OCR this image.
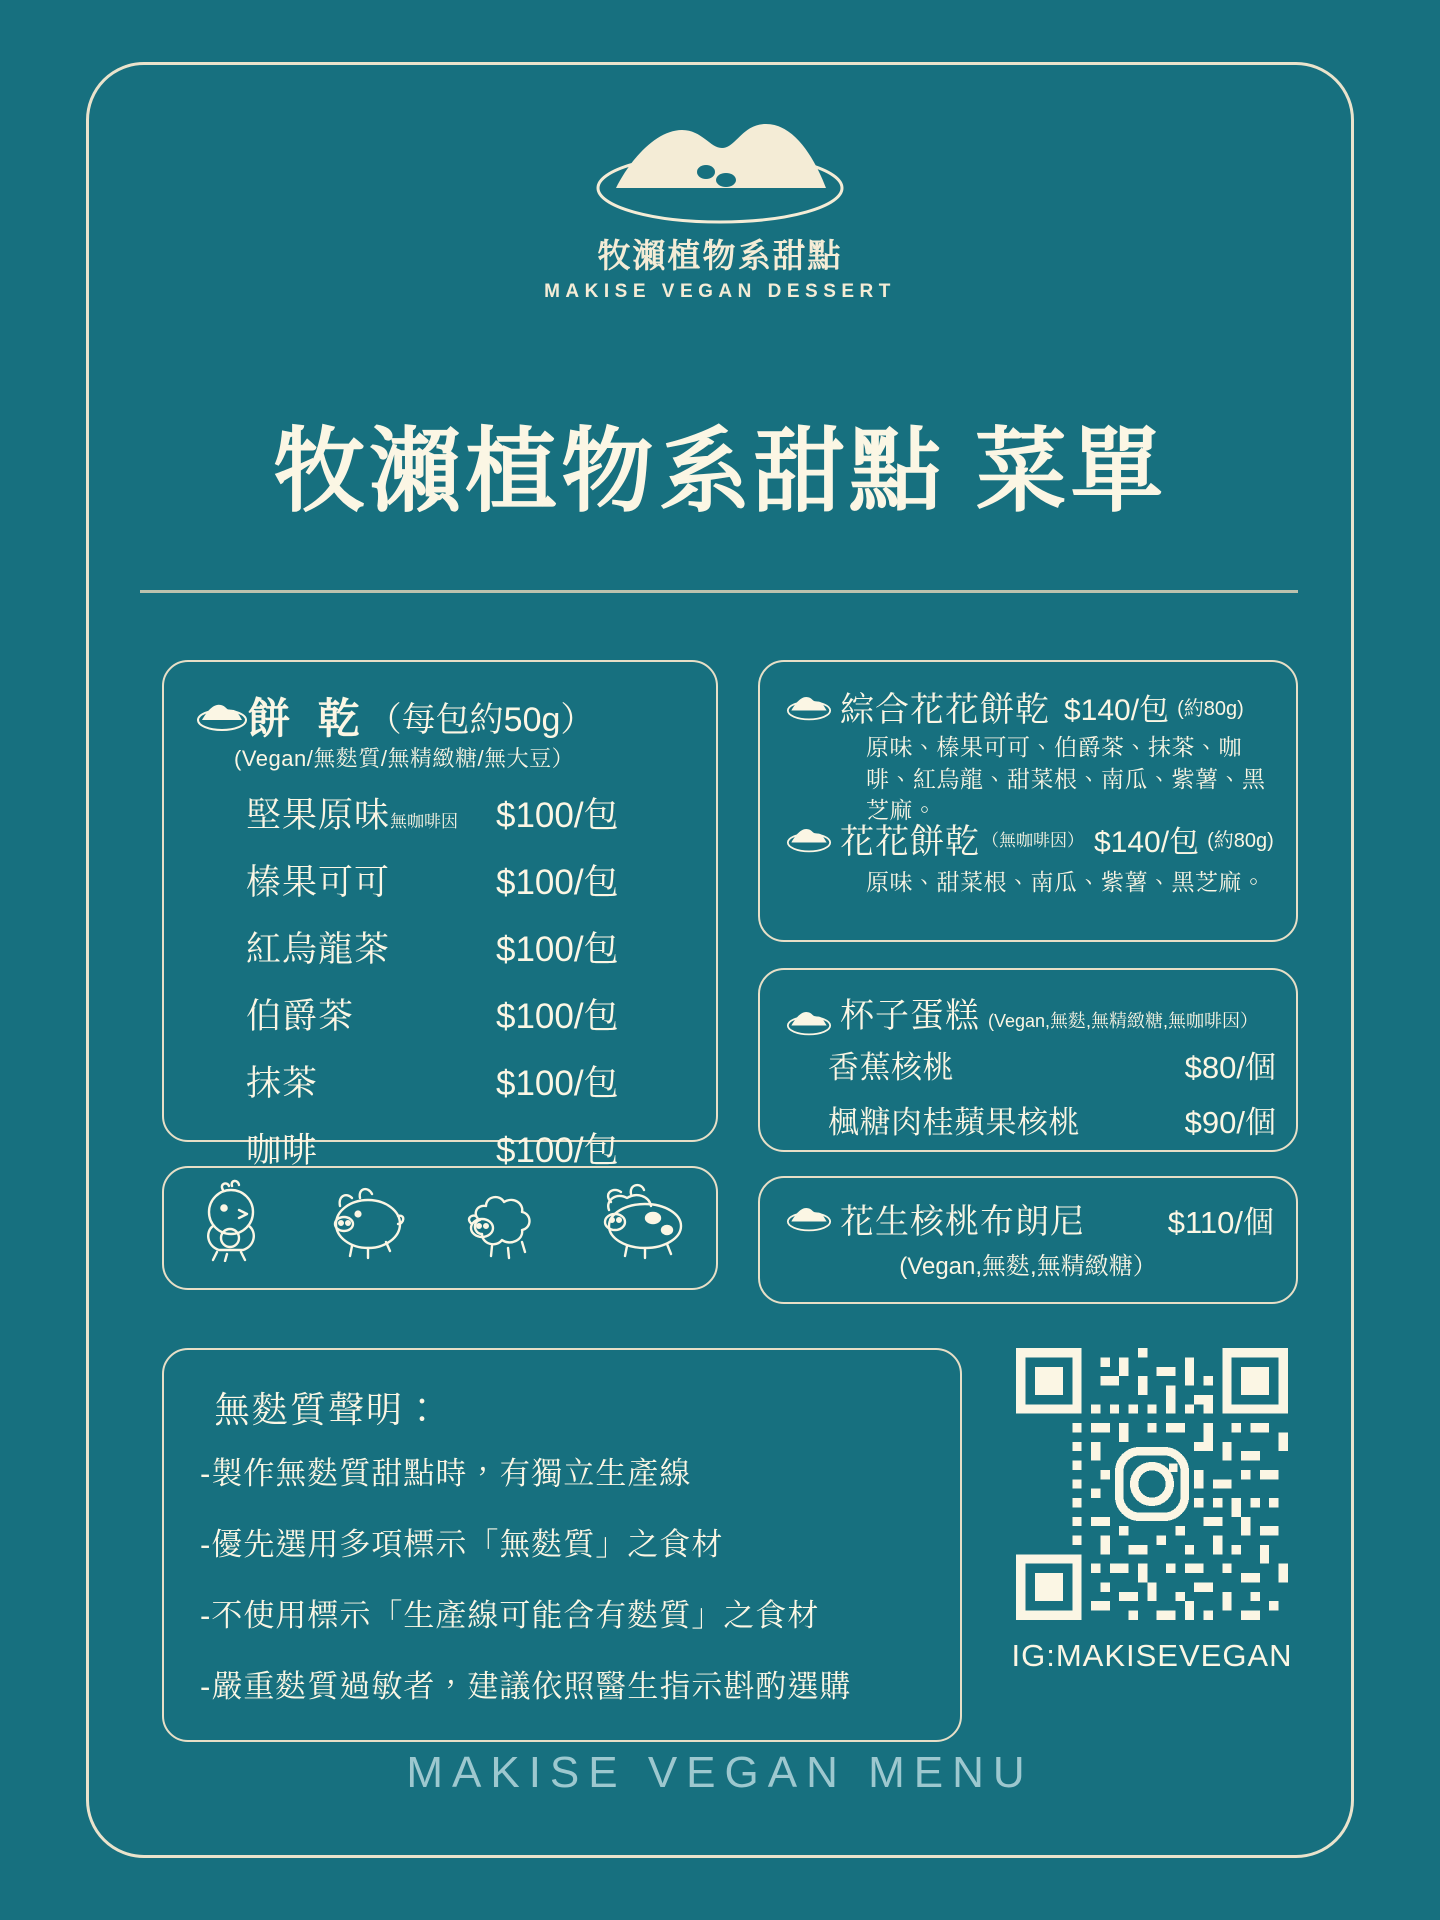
牧瀨植物系甜點
MAKISE VEGAN DESSERT
牧瀨植物系甜點 菜單
餅 乾 （每包約50g）
(Vegan/無麩質/無精緻糖/無大豆）
堅果原味無咖啡因	$100/包
榛果可可	$100/包
紅烏龍茶	$100/包
伯爵茶	$100/包
抹茶	$100/包
咖啡	$100/包
綜合花花餅乾 $140/包 (約80g)
原味、榛果可可、伯爵茶、抹茶、咖啡、紅烏龍、甜菜根、南瓜、紫薯、黑芝麻。
花花餅乾 （無咖啡因） $140/包 (約80g)
原味、甜菜根、南瓜、紫薯、黑芝麻。
杯子蛋糕 (Vegan,無麩,無精緻糖,無咖啡因）
香蕉核桃	$80/個
楓糖肉桂蘋果核桃	$90/個
花生核桃布朗尼	$110/個
(Vegan,無麩,無精緻糖）
無麩質聲明：
-製作無麩質甜點時，有獨立生產線
-優先選用多項標示「無麩質」之食材
-不使用標示「生產線可能含有麩質」之食材
-嚴重麩質過敏者，建議依照醫生指示斟酌選購
IG:MAKISEVEGAN
MAKISE VEGAN MENU
